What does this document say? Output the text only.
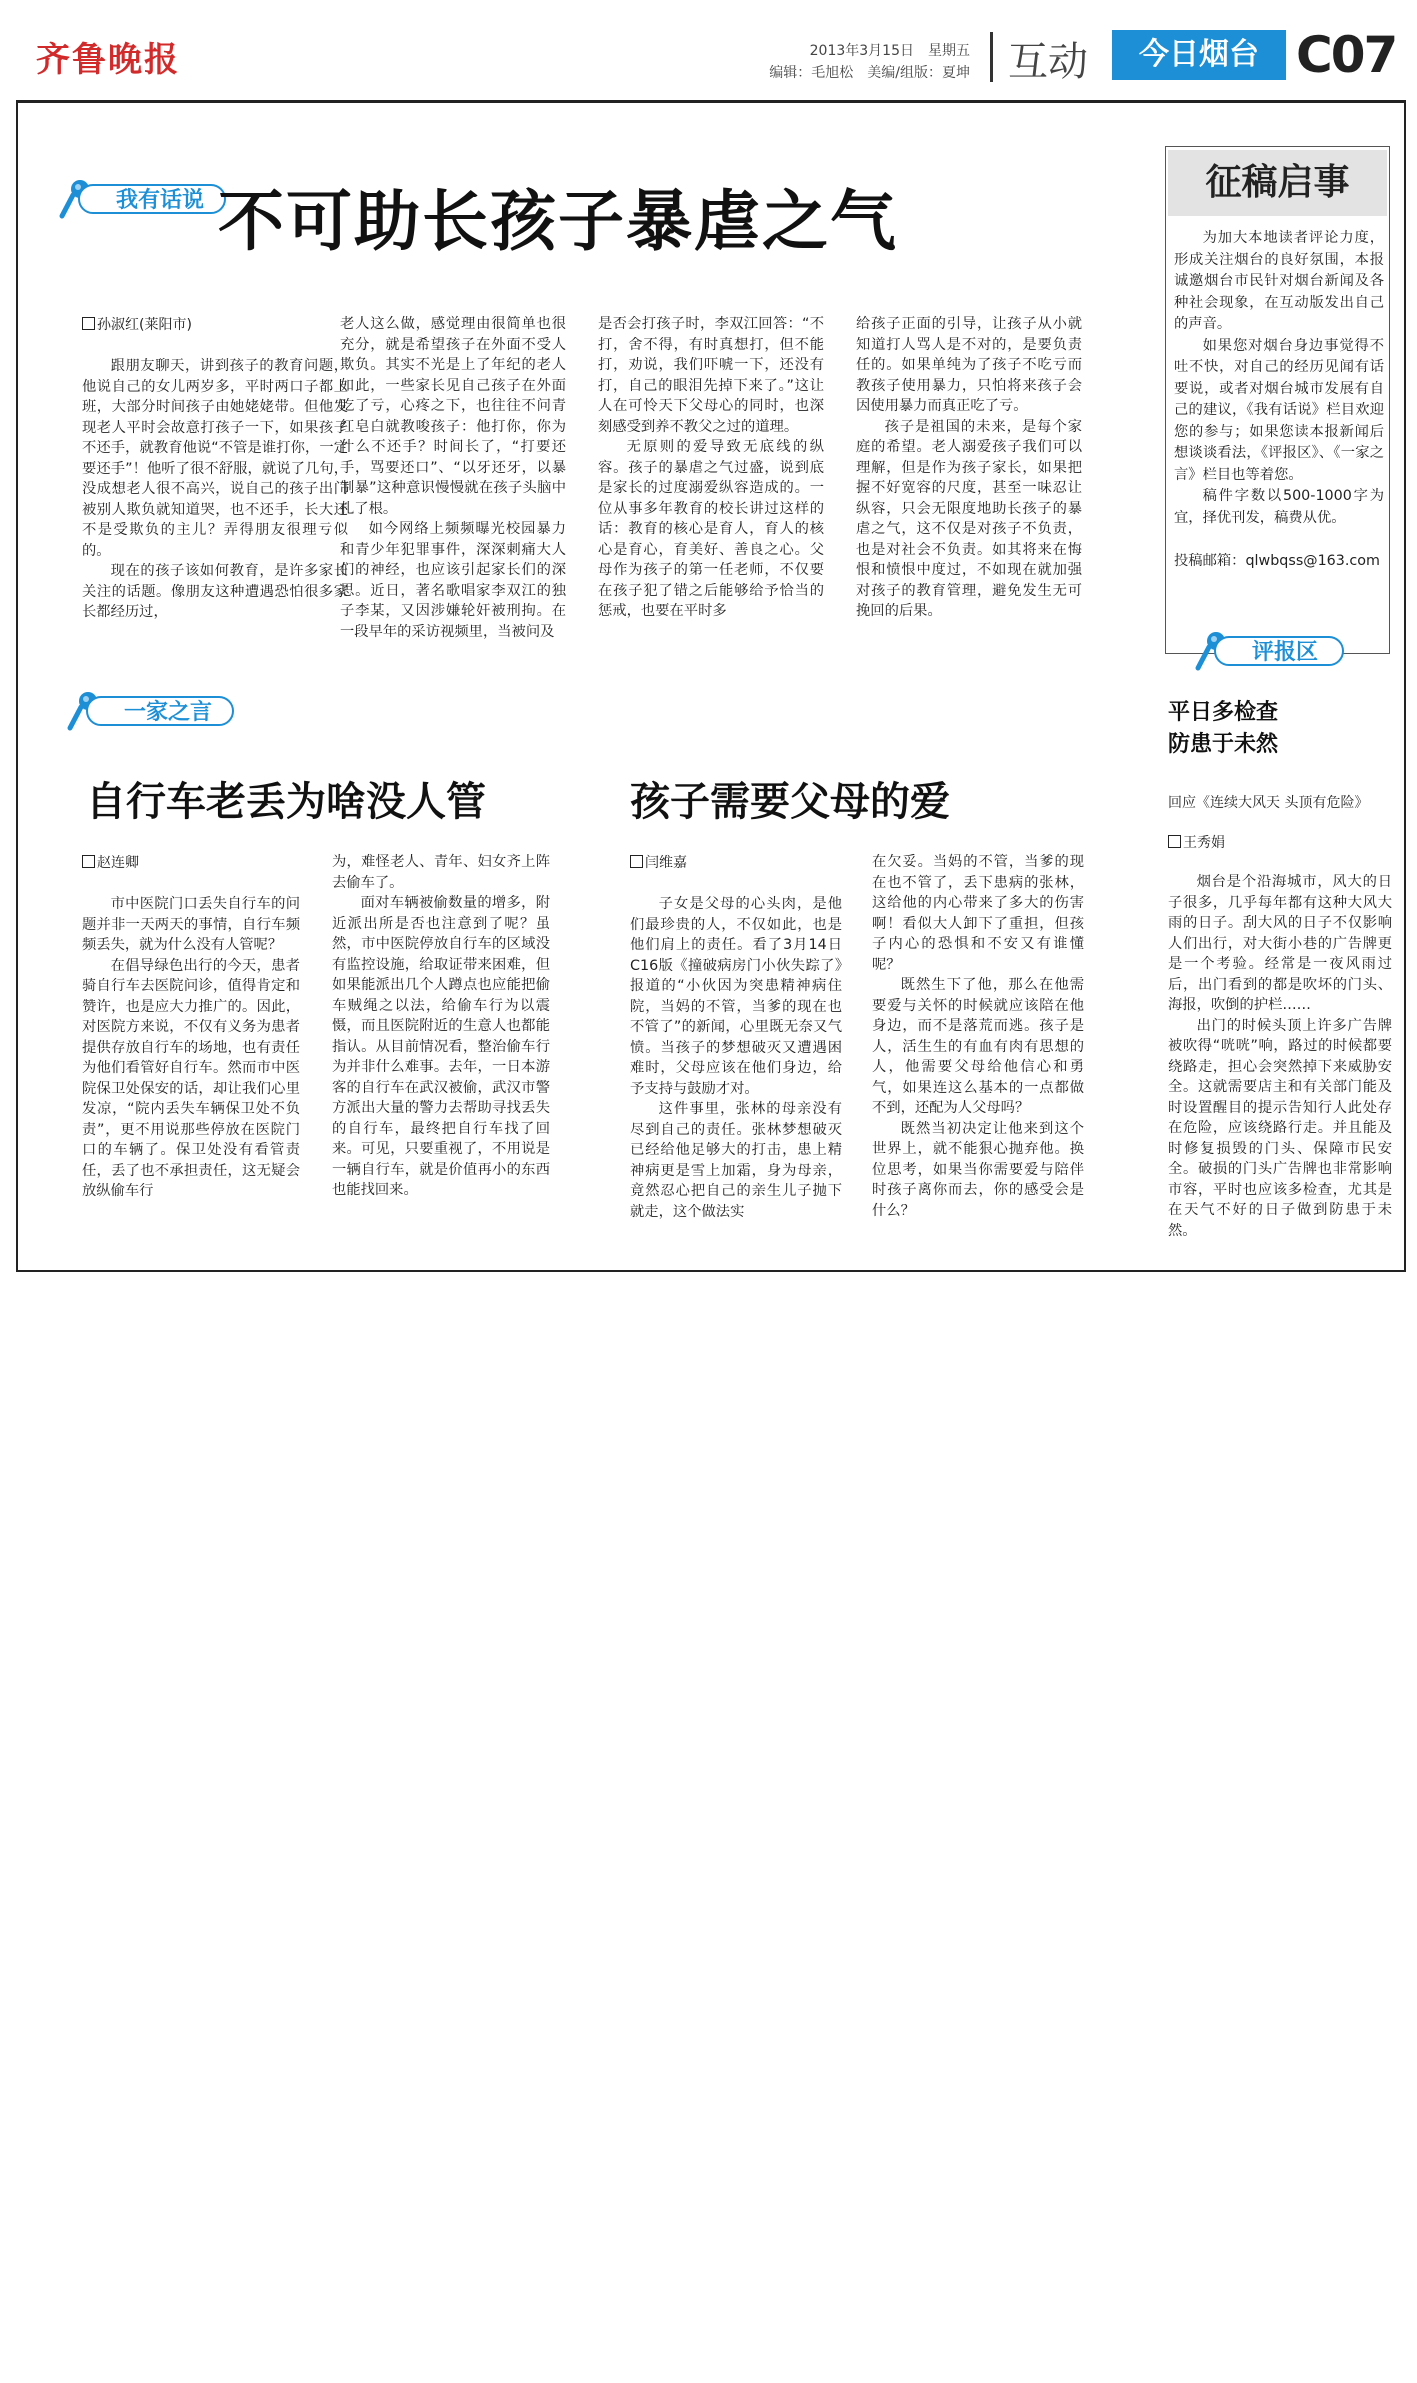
齐鲁晚报	2013年3月15日　星期五
编辑：毛旭松　美编/组版：夏坤 互动	今日烟台 C07
我有话说 不可助长孩子暴虐之气
孙淑红(莱阳市)

跟朋友聊天，讲到孩子的教育问题，他说自己的女儿两岁多，平时两口子都上班，大部分时间孩子由她姥姥带。但他发现老人平时会故意打孩子一下，如果孩子不还手，就教育他说“不管是谁打你，一定要还手”！他听了很不舒服，就说了几句，没成想老人很不高兴，说自己的孩子出门被别人欺负就知道哭，也不还手，长大还不是受欺负的主儿？弄得朋友很理亏似的。

现在的孩子该如何教育，是许多家长关注的话题。像朋友这种遭遇恐怕很多家长都经历过，

老人这么做，感觉理由很简单也很充分，就是希望孩子在外面不受人欺负。其实不光是上了年纪的老人如此，一些家长见自己孩子在外面吃了亏，心疼之下，也往往不问青红皂白就教唆孩子：他打你，你为什么不还手？时间长了，“打要还手，骂要还口”、“以牙还牙，以暴制暴”这种意识慢慢就在孩子头脑中扎了根。

如今网络上频频曝光校园暴力和青少年犯罪事件，深深刺痛大人们的神经，也应该引起家长们的深思。近日，著名歌唱家李双江的独子李某，又因涉嫌轮奸被刑拘。在一段早年的采访视频里，当被问及

是否会打孩子时，李双江回答：“不打，舍不得，有时真想打，但不能打，劝说，我们吓唬一下，还没有打，自己的眼泪先掉下来了。”这让人在可怜天下父母心的同时，也深刻感受到养不教父之过的道理。

无原则的爱导致无底线的纵容。孩子的暴虐之气过盛，说到底是家长的过度溺爱纵容造成的。一位从事多年教育的校长讲过这样的话：教育的核心是育人，育人的核心是育心，育美好、善良之心。父母作为孩子的第一任老师，不仅要在孩子犯了错之后能够给予恰当的惩戒，也要在平时多

给孩子正面的引导，让孩子从小就知道打人骂人是不对的，是要负责任的。如果单纯为了孩子不吃亏而教孩子使用暴力，只怕将来孩子会因使用暴力而真正吃了亏。

孩子是祖国的未来，是每个家庭的希望。老人溺爱孩子我们可以理解，但是作为孩子家长，如果把握不好宽容的尺度，甚至一味忍让纵容，只会无限度地助长孩子的暴虐之气，这不仅是对孩子不负责，也是对社会不负责。如其将来在悔恨和愤恨中度过，不如现在就加强对孩子的教育管理，避免发生无可挽回的后果。

一家之言
自行车老丢为啥没人管
赵连卿

市中医院门口丢失自行车的问题并非一天两天的事情，自行车频频丢失，就为什么没有人管呢？

在倡导绿色出行的今天，患者骑自行车去医院问诊，值得肯定和赞许，也是应大力推广的。因此，对医院方来说，不仅有义务为患者提供存放自行车的场地，也有责任为他们看管好自行车。然而市中医院保卫处保安的话，却让我们心里发凉，“院内丢失车辆保卫处不负责”，更不用说那些停放在医院门口的车辆了。保卫处没有看管责任，丢了也不承担责任，这无疑会放纵偷车行

为，难怪老人、青年、妇女齐上阵去偷车了。

面对车辆被偷数量的增多，附近派出所是否也注意到了呢？虽然，市中医院停放自行车的区域没有监控设施，给取证带来困难，但如果能派出几个人蹲点也应能把偷车贼绳之以法，给偷车行为以震慑，而且医院附近的生意人也都能指认。从目前情况看，整治偷车行为并非什么难事。去年，一日本游客的自行车在武汉被偷，武汉市警方派出大量的警力去帮助寻找丢失的自行车，最终把自行车找了回来。可见，只要重视了，不用说是一辆自行车，就是价值再小的东西也能找回来。

孩子需要父母的爱
闫维嘉

子女是父母的心头肉，是他们最珍贵的人，不仅如此，也是他们肩上的责任。看了3月14日C16版《撞破病房门小伙失踪了》报道的“小伙因为突患精神病住院，当妈的不管，当爹的现在也不管了”的新闻，心里既无奈又气愤。当孩子的梦想破灭又遭遇困难时，父母应该在他们身边，给予支持与鼓励才对。

这件事里，张林的母亲没有尽到自己的责任。张林梦想破灭已经给他足够大的打击，患上精神病更是雪上加霜，身为母亲，竟然忍心把自己的亲生儿子抛下就走，这个做法实

在欠妥。当妈的不管，当爹的现在也不管了，丢下患病的张林，这给他的内心带来了多大的伤害啊！看似大人卸下了重担，但孩子内心的恐惧和不安又有谁懂呢？

既然生下了他，那么在他需要爱与关怀的时候就应该陪在他身边，而不是落荒而逃。孩子是人，活生生的有血有肉有思想的人，他需要父母给他信心和勇气，如果连这么基本的一点都做不到，还配为人父母吗？

既然当初决定让他来到这个世界上，就不能狠心抛弃他。换位思考，如果当你需要爱与陪伴时孩子离你而去，你的感受会是什么？

征稿启事

为加大本地读者评论力度，形成关注烟台的良好氛围，本报诚邀烟台市民针对烟台新闻及各种社会现象，在互动版发出自己的声音。

如果您对烟台身边事觉得不吐不快，对自己的经历见闻有话要说，或者对烟台城市发展有自己的建议，《我有话说》栏目欢迎您的参与；如果您读本报新闻后想谈谈看法，《评报区》、《一家之言》栏目也等着您。

稿件字数以500-1000字为宜，择优刊发，稿费从优。

投稿邮箱：qlwbqss@163.com

评报区
平日多检查
防患于未然
回应《连续大风天 头顶有危险》
王秀娟

烟台是个沿海城市，风大的日子很多，几乎每年都有这种大风大雨的日子。刮大风的日子不仅影响人们出行，对大街小巷的广告牌更是一个考验。经常是一夜风雨过后，出门看到的都是吹坏的门头、海报，吹倒的护栏……

出门的时候头顶上许多广告牌被吹得“咣咣”响，路过的时候都要绕路走，担心会突然掉下来威胁安全。这就需要店主和有关部门能及时设置醒目的提示告知行人此处存在危险，应该绕路行走。并且能及时修复损毁的门头、保障市民安全。破损的门头广告牌也非常影响市容，平时也应该多检查，尤其是在天气不好的日子做到防患于未然。
